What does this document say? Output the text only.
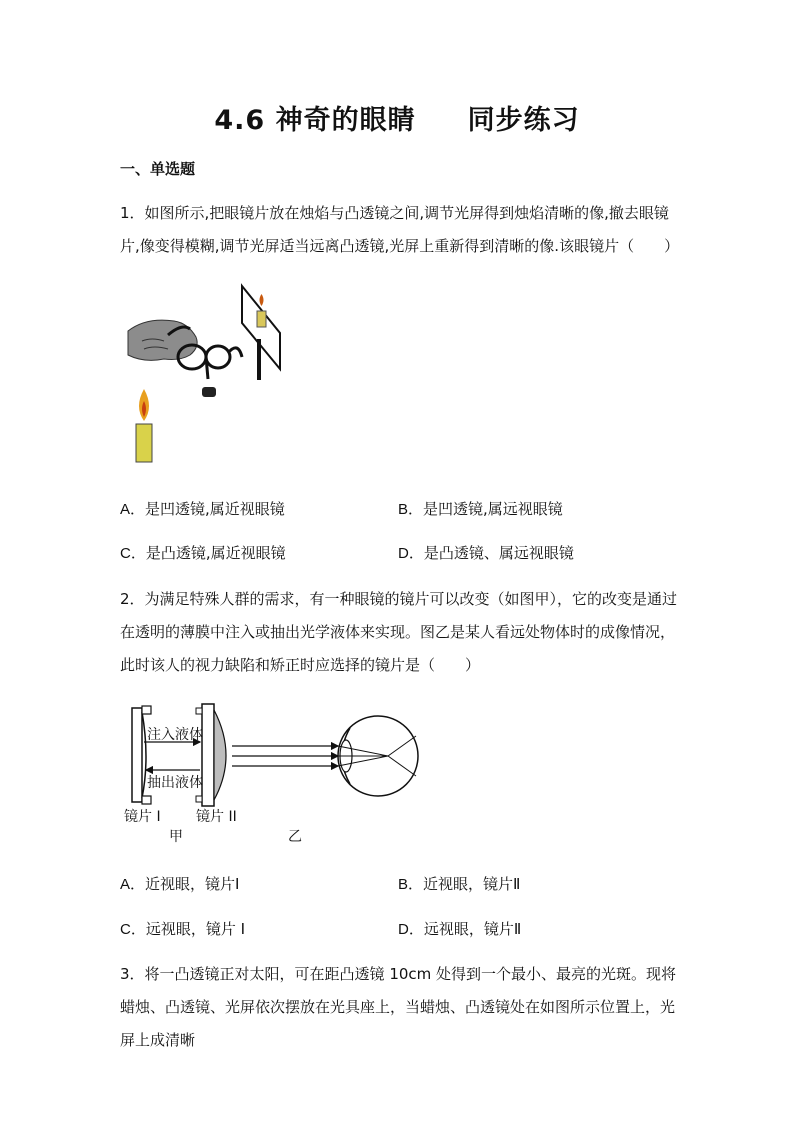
4.6 神奇的眼睛     同步练习
一、单选题

1．如图所示,把眼镜片放在烛焰与凸透镜之间,调节光屏得到烛焰清晰的像,撤去眼镜片,像变得模糊,调节光屏适当远离凸透镜,光屏上重新得到清晰的像.该眼镜片（　　）

A．是凹透镜,属近视眼镜	B．是凹透镜,属远视眼镜
C．是凸透镜,属近视眼镜	D．是凸透镜、属远视眼镜

2．为满足特殊人群的需求，有一种眼镜的镜片可以改变（如图甲），它的改变是通过在透明的薄膜中注入或抽出光学液体来实现。图乙是某人看远处物体时的成像情况，此时该人的视力缺陷和矫正时应选择的镜片是（　　）

注入液体
抽出液体
镜片 I	镜片 II
甲	乙
A．近视眼，镜片Ⅰ	B．近视眼，镜片Ⅱ
C．远视眼，镜片 I	D．远视眼，镜片Ⅱ

3．将一凸透镜正对太阳，可在距凸透镜 10cm 处得到一个最小、最亮的光斑。现将蜡烛、凸透镜、光屏依次摆放在光具座上，当蜡烛、凸透镜处在如图所示位置上，光屏上成清晰
